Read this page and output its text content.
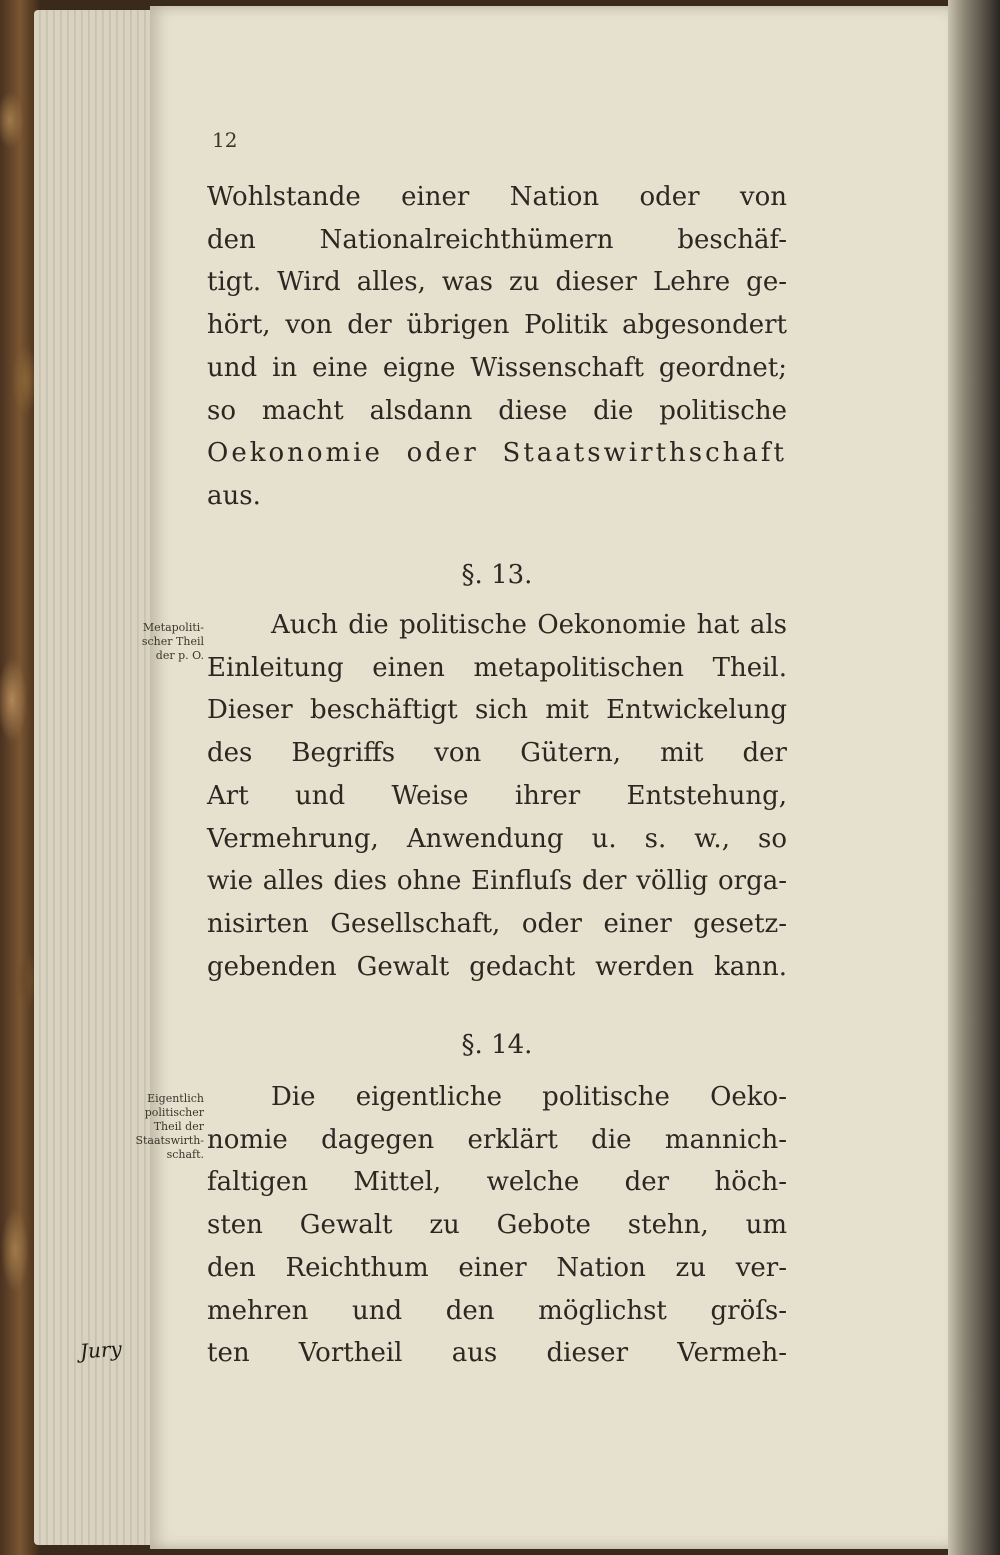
12
Wohlstande einer Nation oder von
den Nationalreichthümern beschäf-
tigt. Wird alles, was zu dieser Lehre ge-
hört, von der übrigen Politik abgesondert
und in eine eigne Wissenschaft geordnet;
so macht alsdann diese die politische
Oekonomie oder Staatswirthschaft
aus.
§. 13.
Metapoliti-
scher Theil
der p. O.
Auch die politische Oekonomie hat als
Einleitung einen metapolitischen Theil.
Dieser beschäftigt sich mit Entwickelung
des Begriffs von Gütern, mit der
Art und Weise ihrer Entstehung,
Vermehrung, Anwendung u. s. w., so
wie alles dies ohne Einfluſs der völlig orga-
nisirten Gesellschaft, oder einer gesetz-
gebenden Gewalt gedacht werden kann.
§. 14.
Eigentlich
politischer
Theil der
Staatswirth-
schaft.
Die eigentliche politische Oeko-
nomie dagegen erklärt die mannich-
faltigen Mittel, welche der höch-
sten Gewalt zu Gebote stehn, um
den Reichthum einer Nation zu ver-
mehren und den möglichst gröſs-
ten Vortheil aus dieser Vermeh-
Jury
